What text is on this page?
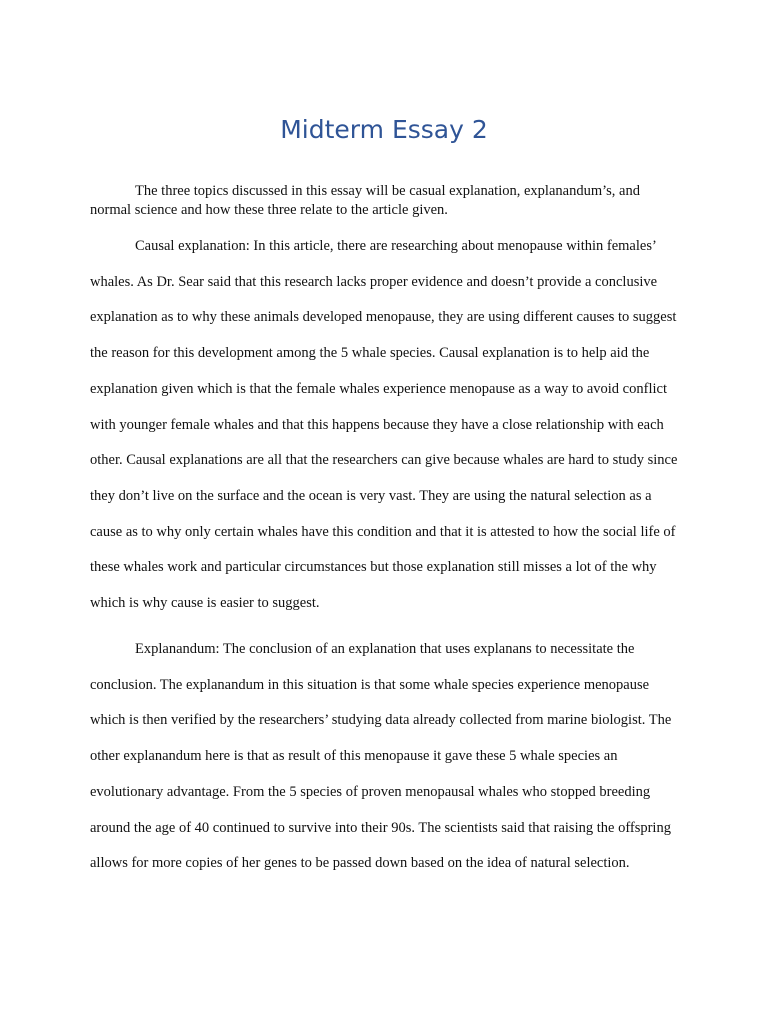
Midterm Essay 2

The three topics discussed in this essay will be casual explanation, explanandum’s, and normal science and how these three relate to the article given.

Causal explanation: In this article, there are researching about menopause within females’ whales. As Dr. Sear said that this research lacks proper evidence and doesn’t provide a conclusive explanation as to why these animals developed menopause, they are using different causes to suggest the reason for this development among the 5 whale species. Causal explanation is to help aid the explanation given which is that the female whales experience menopause as a way to avoid conflict with younger female whales and that this happens because they have a close relationship with each other. Causal explanations are all that the researchers can give because whales are hard to study since they don’t live on the surface and the ocean is very vast. They are using the natural selection as a cause as to why only certain whales have this condition and that it is attested to how the social life of these whales work and particular circumstances but those explanation still misses a lot of the why which is why cause is easier to suggest.

Explanandum: The conclusion of an explanation that uses explanans to necessitate the conclusion. The explanandum in this situation is that some whale species experience menopause which is then verified by the researchers’ studying data already collected from marine biologist. The other explanandum here is that as result of this menopause it gave these 5 whale species an evolutionary advantage. From the 5 species of proven menopausal whales who stopped breeding around the age of 40 continued to survive into their 90s. The scientists said that raising the offspring allows for more copies of her genes to be passed down based on the idea of natural selection.
